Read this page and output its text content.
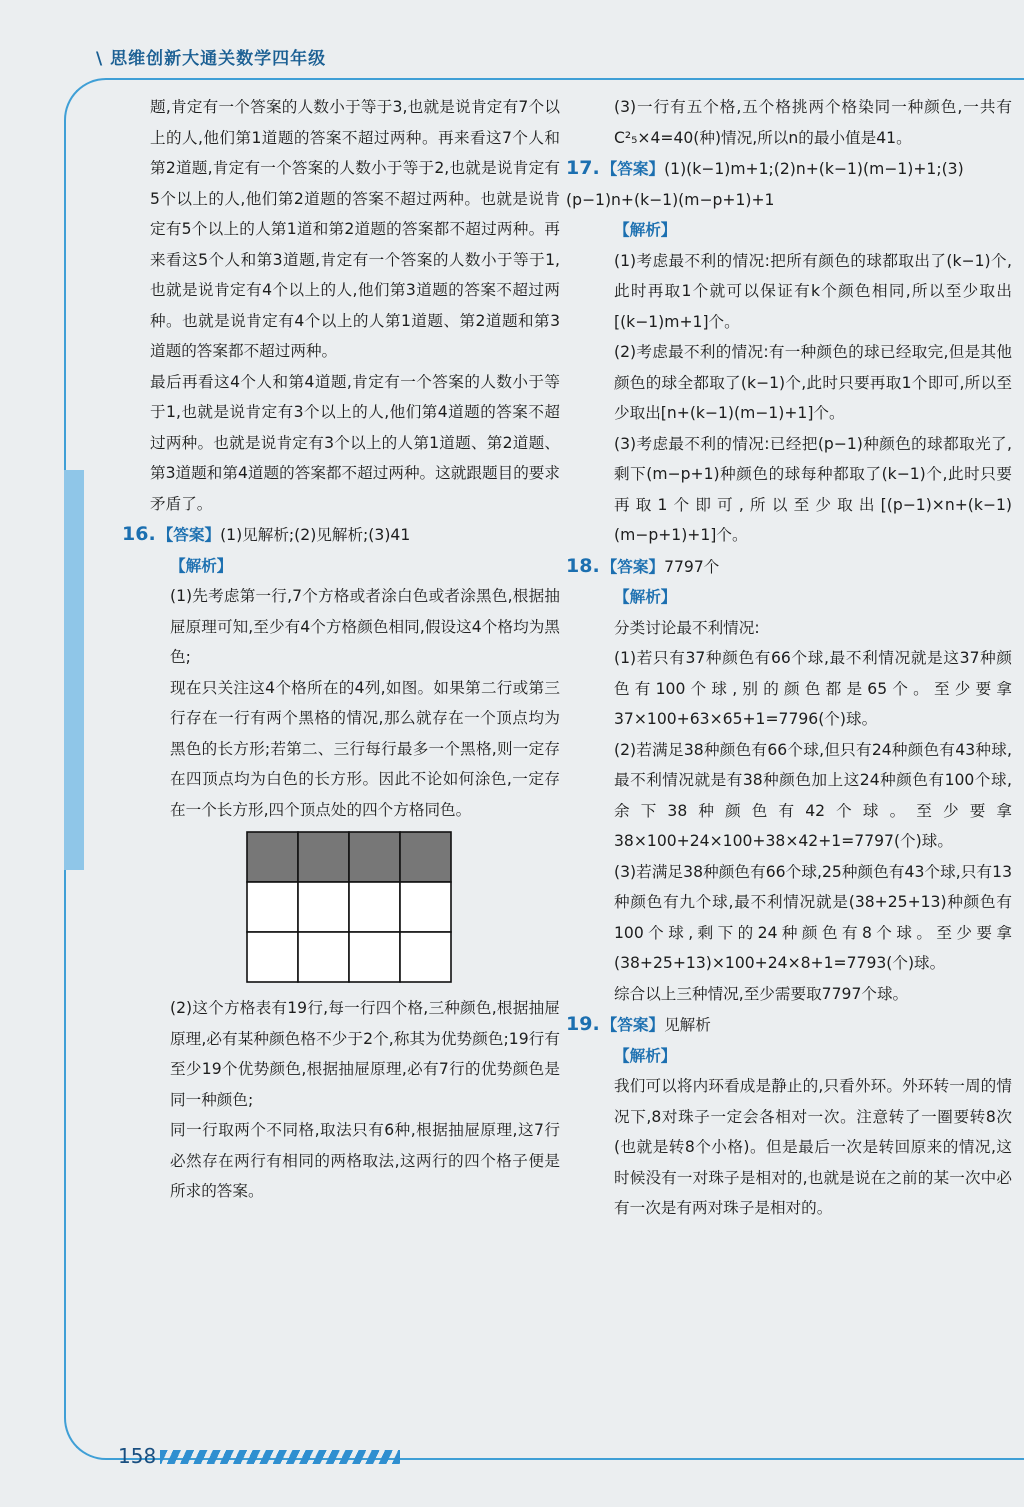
\ 思维创新大通关数学四年级

题,肯定有一个答案的人数小于等于3,也就是说肯定有7个以上的人,他们第1道题的答案不超过两种。再来看这7个人和第2道题,肯定有一个答案的人数小于等于2,也就是说肯定有5个以上的人,他们第2道题的答案不超过两种。也就是说肯定有5个以上的人第1道和第2道题的答案都不超过两种。再来看这5个人和第3道题,肯定有一个答案的人数小于等于1,也就是说肯定有4个以上的人,他们第3道题的答案不超过两种。也就是说肯定有4个以上的人第1道题、第2道题和第3道题的答案都不超过两种。

最后再看这4个人和第4道题,肯定有一个答案的人数小于等于1,也就是说肯定有3个以上的人,他们第4道题的答案不超过两种。也就是说肯定有3个以上的人第1道题、第2道题、第3道题和第4道题的答案都不超过两种。这就跟题目的要求矛盾了。

16. 【答案】(1)见解析;(2)见解析;(3)41

【解析】

(1)先考虑第一行,7个方格或者涂白色或者涂黑色,根据抽屉原理可知,至少有4个方格颜色相同,假设这4个格均为黑色;

现在只关注这4个格所在的4列,如图。如果第二行或第三行存在一行有两个黑格的情况,那么就存在一个顶点均为黑色的长方形;若第二、三行每行最多一个黑格,则一定存在四顶点均为白色的长方形。因此不论如何涂色,一定存在一个长方形,四个顶点处的四个方格同色。

(2)这个方格表有19行,每一行四个格,三种颜色,根据抽屉原理,必有某种颜色格不少于2个,称其为优势颜色;19行有至少19个优势颜色,根据抽屉原理,必有7行的优势颜色是同一种颜色;

同一行取两个不同格,取法只有6种,根据抽屉原理,这7行必然存在两行有相同的两格取法,这两行的四个格子便是所求的答案。

(3)一行有五个格,五个格挑两个格染同一种颜色,一共有C²₅×4=40(种)情况,所以n的最小值是41。

17. 【答案】(1)(k−1)m+1;(2)n+(k−1)(m−1)+1;(3)(p−1)n+(k−1)(m−p+1)+1

【解析】

(1)考虑最不利的情况:把所有颜色的球都取出了(k−1)个,此时再取1个就可以保证有k个颜色相同,所以至少取出[(k−1)m+1]个。

(2)考虑最不利的情况:有一种颜色的球已经取完,但是其他颜色的球全都取了(k−1)个,此时只要再取1个即可,所以至少取出[n+(k−1)(m−1)+1]个。

(3)考虑最不利的情况:已经把(p−1)种颜色的球都取光了,剩下(m−p+1)种颜色的球每种都取了(k−1)个,此时只要再取1个即可,所以至少取出[(p−1)×n+(k−1)(m−p+1)+1]个。

18. 【答案】7797个

【解析】

分类讨论最不利情况:

(1)若只有37种颜色有66个球,最不利情况就是这37种颜色有100个球,别的颜色都是65个。至少要拿37×100+63×65+1=7796(个)球。

(2)若满足38种颜色有66个球,但只有24种颜色有43种球,最不利情况就是有38种颜色加上这24种颜色有100个球,余下38种颜色有42个球。至少要拿38×100+24×100+38×42+1=7797(个)球。

(3)若满足38种颜色有66个球,25种颜色有43个球,只有13种颜色有九个球,最不利情况就是(38+25+13)种颜色有100个球,剩下的24种颜色有8个球。至少要拿(38+25+13)×100+24×8+1=7793(个)球。

综合以上三种情况,至少需要取7797个球。

19. 【答案】见解析

【解析】

我们可以将内环看成是静止的,只看外环。外环转一周的情况下,8对珠子一定会各相对一次。注意转了一圈要转8次(也就是转8个小格)。但是最后一次是转回原来的情况,这时候没有一对珠子是相对的,也就是说在之前的某一次中必有一次是有两对珠子是相对的。

158
